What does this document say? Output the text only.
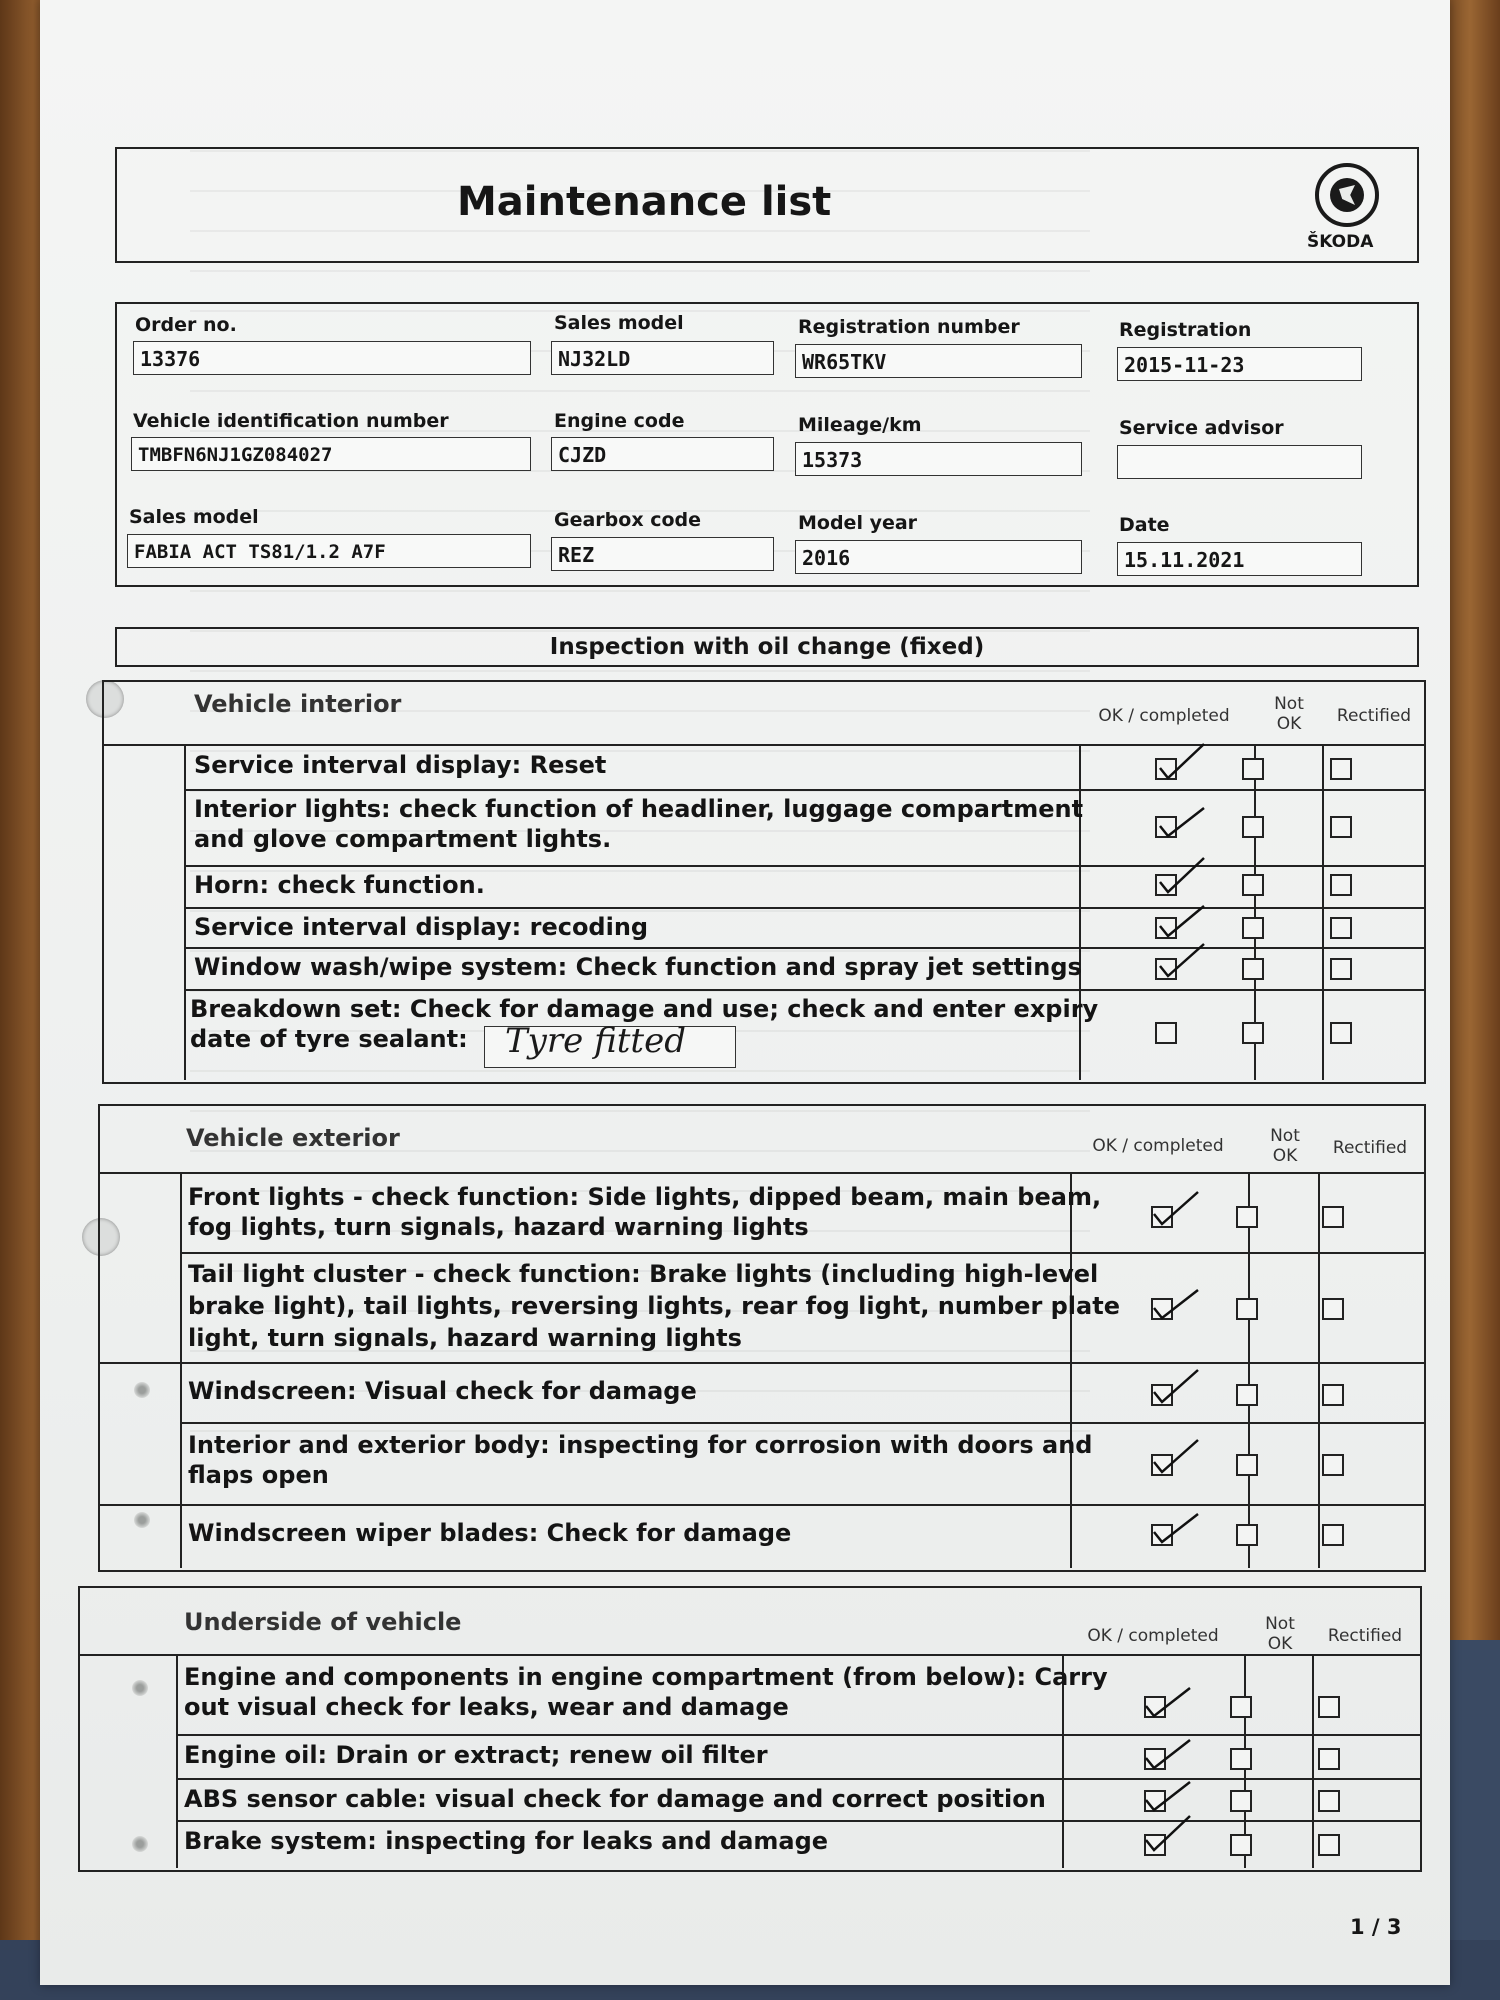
Maintenance list
ŠKODA
Order no.
13376
Sales model
NJ32LD
Registration number
WR65TKV
Registration
2015-11-23
Vehicle identification number
TMBFN6NJ1GZ084027
Engine code
CJZD
Mileage/km
15373
Service advisor
Sales model
FABIA ACT TS81/1.2 A7F
Gearbox code
REZ
Model year
2016
Date
15.11.2021
Inspection with oil change (fixed)
Vehicle interior	OK / completed
Not
OK	Rectified
Service interval display: Reset
Interior lights: check function of headliner, luggage compartment
and glove compartment lights.
Horn: check function.
Service interval display: recoding
Window wash/wipe system: Check function and spray jet settings
Breakdown set: Check for damage and use; check and enter expiry
date of tyre sealant:	Tyre fitted
Vehicle exterior	OK / completed	Not
OK	Rectified
Front lights - check function: Side lights, dipped beam, main beam,
fog lights, turn signals, hazard warning lights
Tail light cluster - check function: Brake lights (including high-level
brake light), tail lights, reversing lights, rear fog light, number plate
light, turn signals, hazard warning lights
Windscreen: Visual check for damage
Interior and exterior body: inspecting for corrosion with doors and
flaps open
Windscreen wiper blades: Check for damage
Underside of vehicle	OK / completed
Not
OK	Rectified
Engine and components in engine compartment (from below): Carry
out visual check for leaks, wear and damage
Engine oil: Drain or extract; renew oil filter
ABS sensor cable: visual check for damage and correct position
Brake system: inspecting for leaks and damage
1 / 3
